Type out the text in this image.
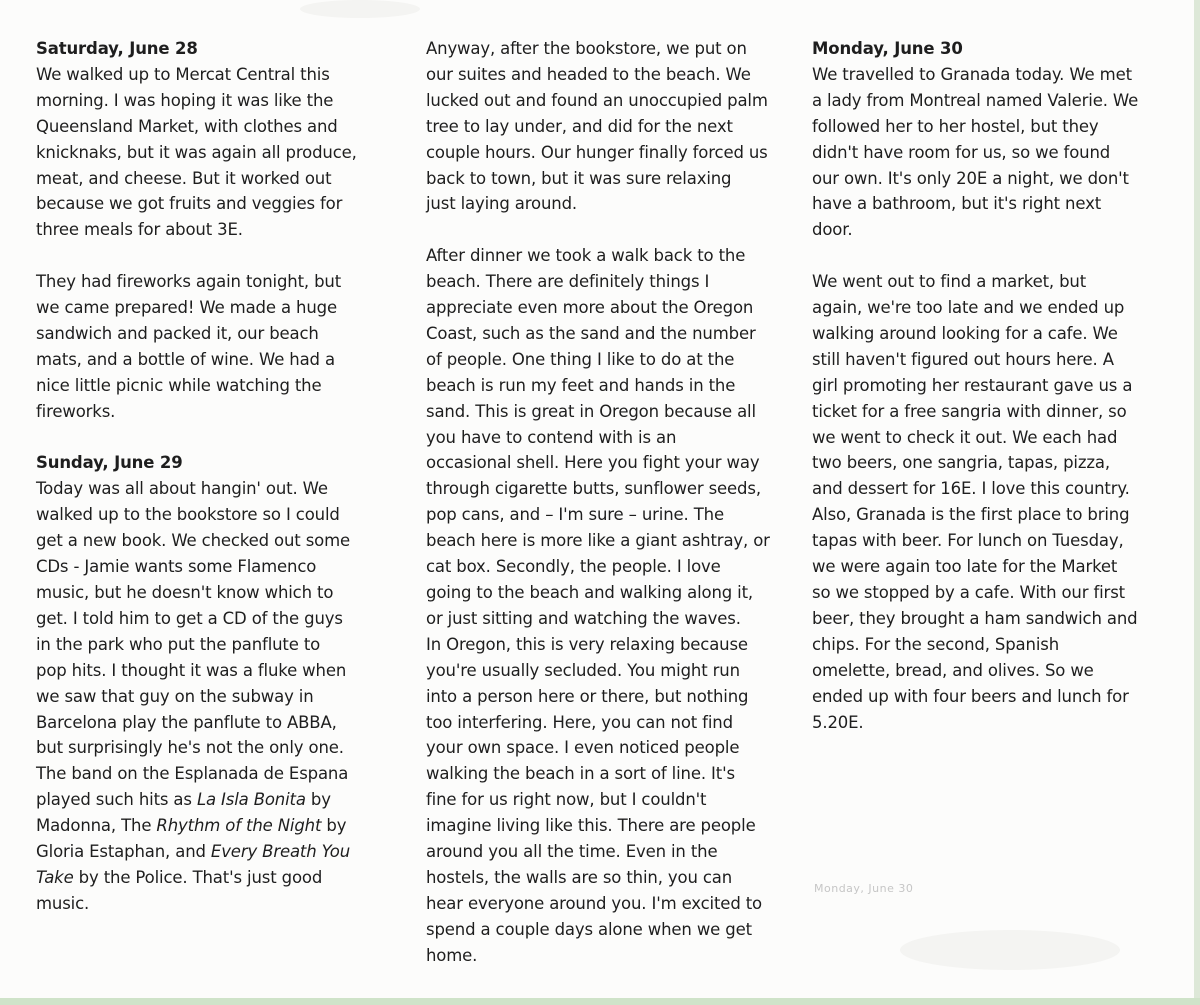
Saturday, June 28

We walked up to Mercat Central this
morning. I was hoping it was like the
Queensland Market, with clothes and
knicknaks, but it was again all produce,
meat, and cheese. But it worked out
because we got fruits and veggies for
three meals for about 3E.

They had fireworks again tonight, but
we came prepared! We made a huge
sandwich and packed it, our beach
mats, and a bottle of wine. We had a
nice little picnic while watching the
fireworks.

Sunday, June 29

Today was all about hangin' out. We
walked up to the bookstore so I could
get a new book. We checked out some
CDs - Jamie wants some Flamenco
music, but he doesn't know which to
get. I told him to get a CD of the guys
in the park who put the panflute to
pop hits. I thought it was a fluke when
we saw that guy on the subway in
Barcelona play the panflute to ABBA,
but surprisingly he's not the only one.
The band on the Esplanada de Espana
played such hits as La Isla Bonita by
Madonna, The Rhythm of the Night by
Gloria Estaphan, and Every Breath You
Take by the Police. That's just good
music.

Anyway, after the bookstore, we put on
our suites and headed to the beach. We
lucked out and found an unoccupied palm
tree to lay under, and did for the next
couple hours. Our hunger finally forced us
back to town, but it was sure relaxing
just laying around.

After dinner we took a walk back to the
beach. There are definitely things I
appreciate even more about the Oregon
Coast, such as the sand and the number
of people. One thing I like to do at the
beach is run my feet and hands in the
sand. This is great in Oregon because all
you have to contend with is an
occasional shell. Here you fight your way
through cigarette butts, sunflower seeds,
pop cans, and – I'm sure – urine. The
beach here is more like a giant ashtray, or
cat box. Secondly, the people. I love
going to the beach and walking along it,
or just sitting and watching the waves.
In Oregon, this is very relaxing because
you're usually secluded. You might run
into a person here or there, but nothing
too interfering. Here, you can not find
your own space. I even noticed people
walking the beach in a sort of line. It's
fine for us right now, but I couldn't
imagine living like this. There are people
around you all the time. Even in the
hostels, the walls are so thin, you can
hear everyone around you. I'm excited to
spend a couple days alone when we get
home.

Monday, June 30

We travelled to Granada today. We met
a lady from Montreal named Valerie. We
followed her to her hostel, but they
didn't have room for us, so we found
our own. It's only 20E a night, we don't
have a bathroom, but it's right next
door.

We went out to find a market, but
again, we're too late and we ended up
walking around looking for a cafe. We
still haven't figured out hours here. A
girl promoting her restaurant gave us a
ticket for a free sangria with dinner, so
we went to check it out. We each had
two beers, one sangria, tapas, pizza,
and dessert for 16E. I love this country.
Also, Granada is the first place to bring
tapas with beer. For lunch on Tuesday,
we were again too late for the Market
so we stopped by a cafe. With our first
beer, they brought a ham sandwich and
chips. For the second, Spanish
omelette, bread, and olives. So we
ended up with four beers and lunch for
5.20E.

Monday, June 30
